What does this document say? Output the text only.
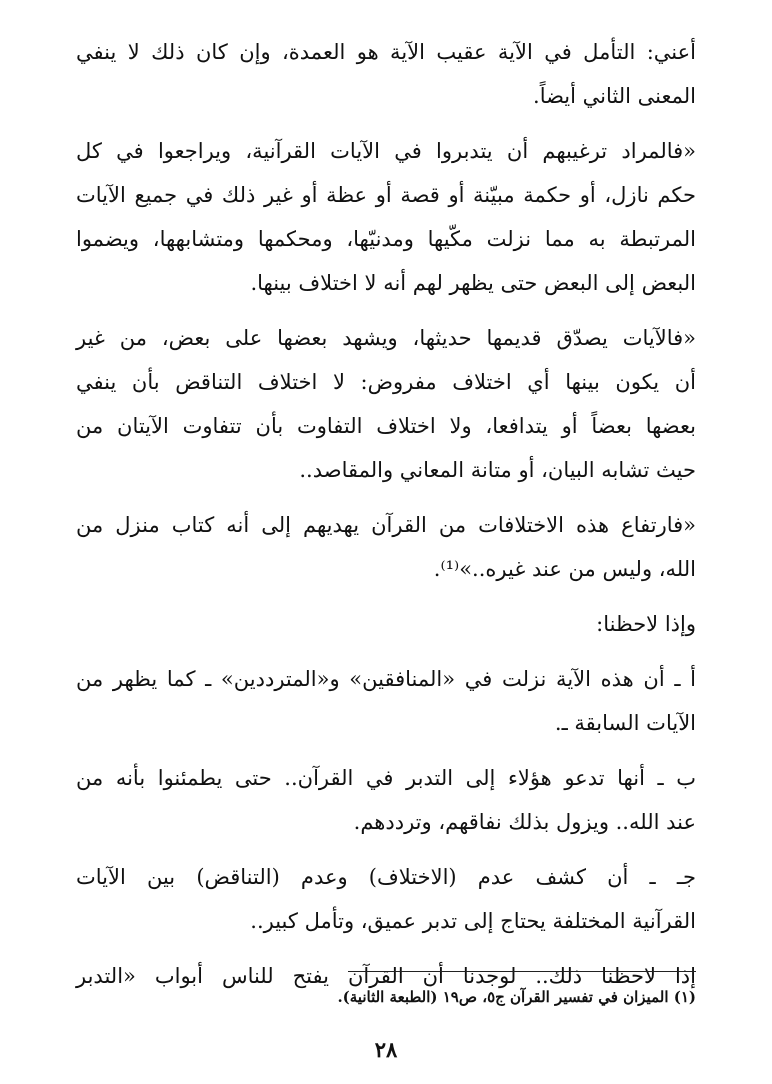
أعني: التأمل في الآية عقيب الآية هو العمدة، وإن كان ذلك لا ينفي
المعنى الثاني أيضاً.

«فالمراد ترغيبهم أن يتدبروا في الآيات القرآنية، ويراجعوا في كل
حكم نازل، أو حكمة مبيّنة أو قصة أو عظة أو غير ذلك في جميع الآيات
المرتبطة به مما نزلت مكّيها ومدنيّها، ومحكمها ومتشابهها، ويضموا
البعض إلى البعض حتى يظهر لهم أنه لا اختلاف بينها.

«فالآيات يصدّق قديمها حديثها، ويشهد بعضها على بعض، من غير
أن يكون بينها أي اختلاف مفروض: لا اختلاف التناقض بأن ينفي
بعضها بعضاً أو يتدافعا، ولا اختلاف التفاوت بأن تتفاوت الآيتان من
حيث تشابه البيان، أو متانة المعاني والمقاصد..

«فارتفاع هذه الاختلافات من القرآن يهديهم إلى أنه كتاب منزل من
الله، وليس من عند غيره..»⁽¹⁾.

وإذا لاحظنا:

أ ـ أن هذه الآية نزلت في «المنافقين» و«المترددين» ـ كما يظهر من
الآيات السابقة ـ.

ب ـ أنها تدعو هؤلاء إلى التدبر في القرآن.. حتى يطمئنوا بأنه من
عند الله.. ويزول بذلك نفاقهم، وترددهم.

جـ ـ أن كشف عدم (الاختلاف) وعدم (التناقض) بين الآيات
القرآنية المختلفة يحتاج إلى تدبر عميق، وتأمل كبير..

إذا لاحظنا ذلك.. لوجدنا أن القرآن يفتح للناس أبواب «التدبر

(١) الميزان في تفسير القرآن ج٥، ص١٩ (الطبعة الثانية).
٢٨
